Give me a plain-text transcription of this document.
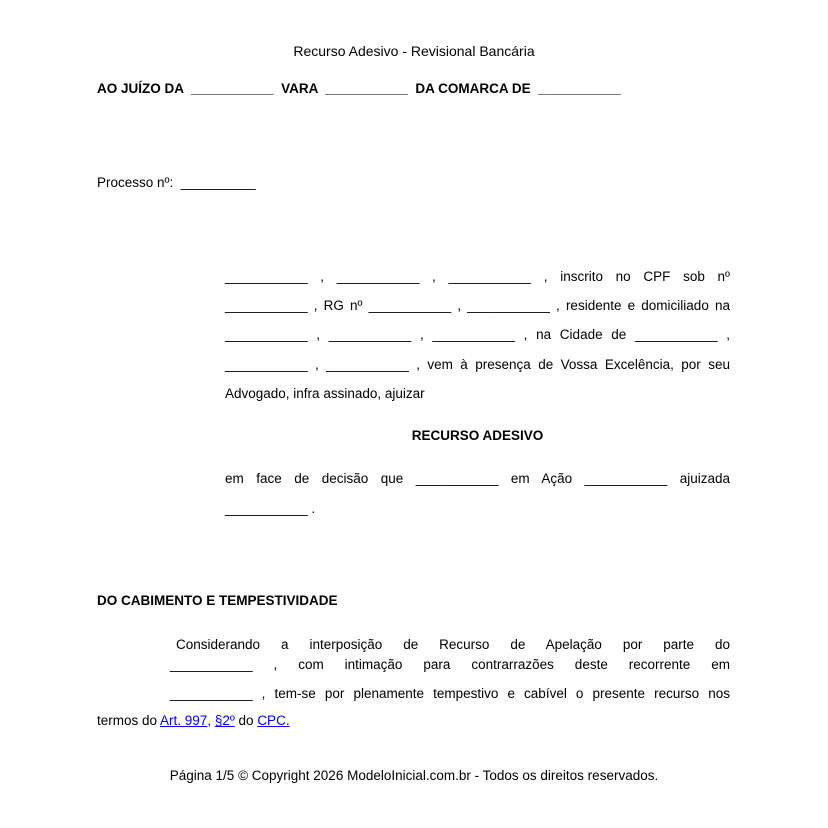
Recurso Adesivo - Revisional Bancária
AO JUÍZO DA  ___________  VARA  ___________  DA COMARCA DE  ___________
Processo nº:  __________
___________ , ___________ , ___________ , inscrito no CPF sob nº
___________ , RG nº ___________ , ___________ , residente e domiciliado na
___________ , ___________ , ___________ , na Cidade de ___________ ,
___________ , ___________ , vem à presença de Vossa Excelência, por seu
Advogado, infra assinado, ajuizar
RECURSO ADESIVO
em face de decisão que ___________ em Ação ___________ ajuizada
___________ .
DO CABIMENTO E TEMPESTIVIDADE
Considerando a interposição de Recurso de Apelação por parte do
___________ , com intimação para contrarrazões deste recorrente em
___________ , tem-se por plenamente tempestivo e cabível o presente recurso nos
termos do Art. 997, §2º do CPC.
Página 1/5 © Copyright 2026 ModeloInicial.com.br - Todos os direitos reservados.
